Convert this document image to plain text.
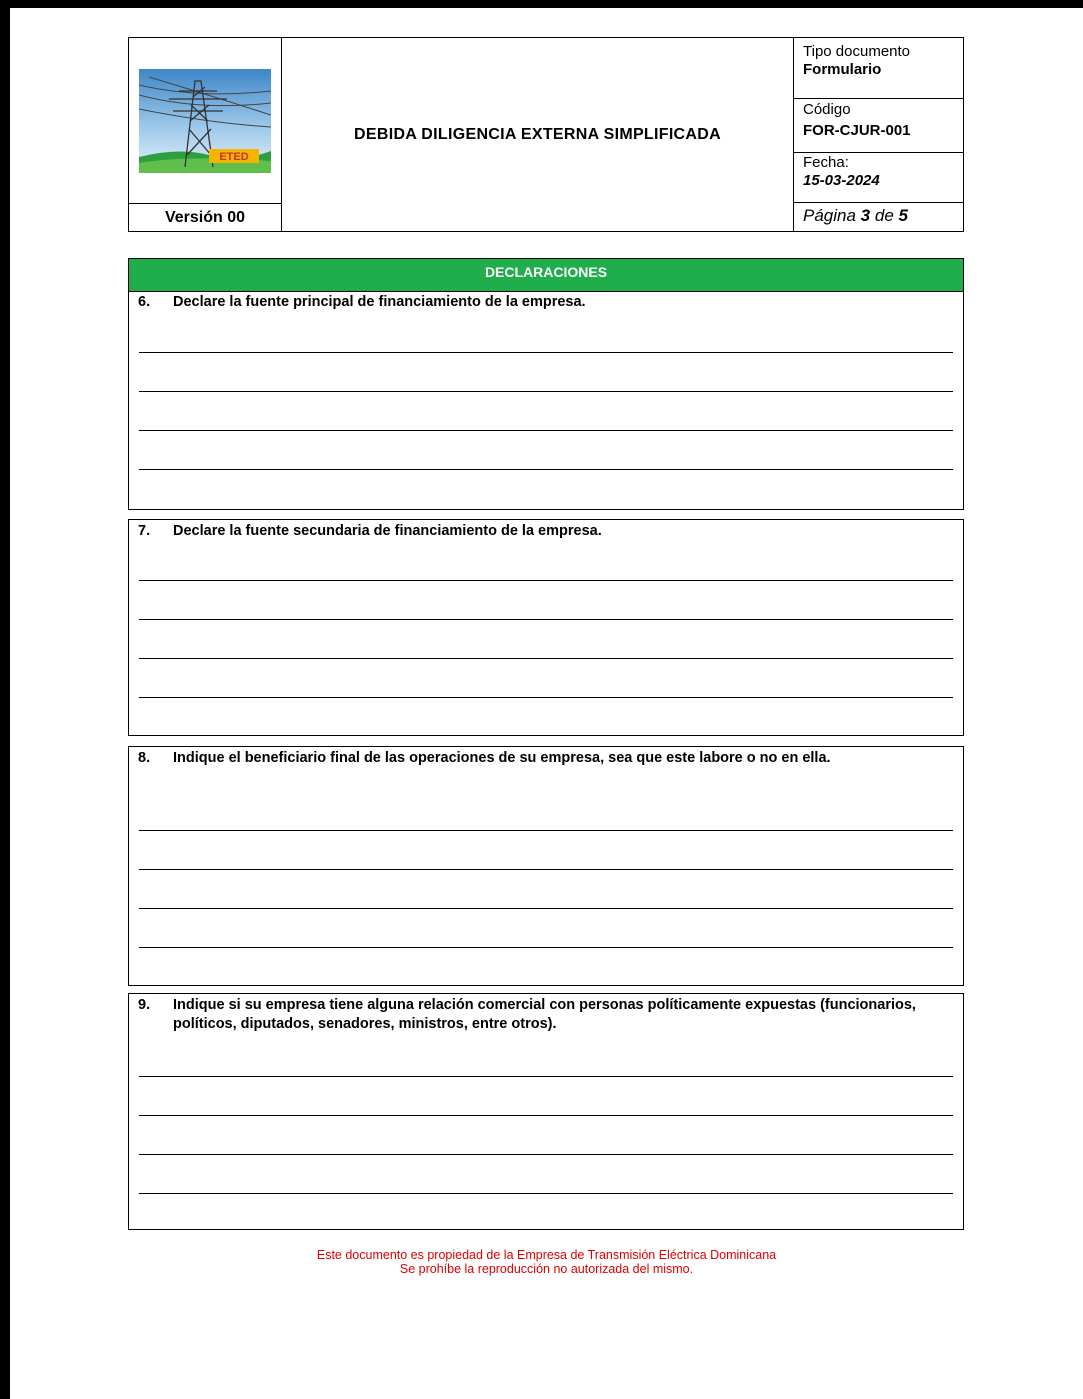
ETED
Versión 00
DEBIDA DILIGENCIA EXTERNA SIMPLIFICADA
Tipo documento
Formulario
Código
FOR-CJUR-001
Fecha:
15-03-2024
Página 3 de 5
DECLARACIONES
6.	Declare la fuente principal de financiamiento de la empresa.
7.	Declare la fuente secundaria de financiamiento de la empresa.
8.	Indique el beneficiario final de las operaciones de su empresa, sea que este labore o no en ella.
9.	Indique si su empresa tiene alguna relación comercial con personas políticamente expuestas (funcionarios, políticos, diputados, senadores, ministros, entre otros).
Este documento es propiedad de la Empresa de Transmisión Eléctrica Dominicana
Se prohíbe la reproducción no autorizada del mismo.
